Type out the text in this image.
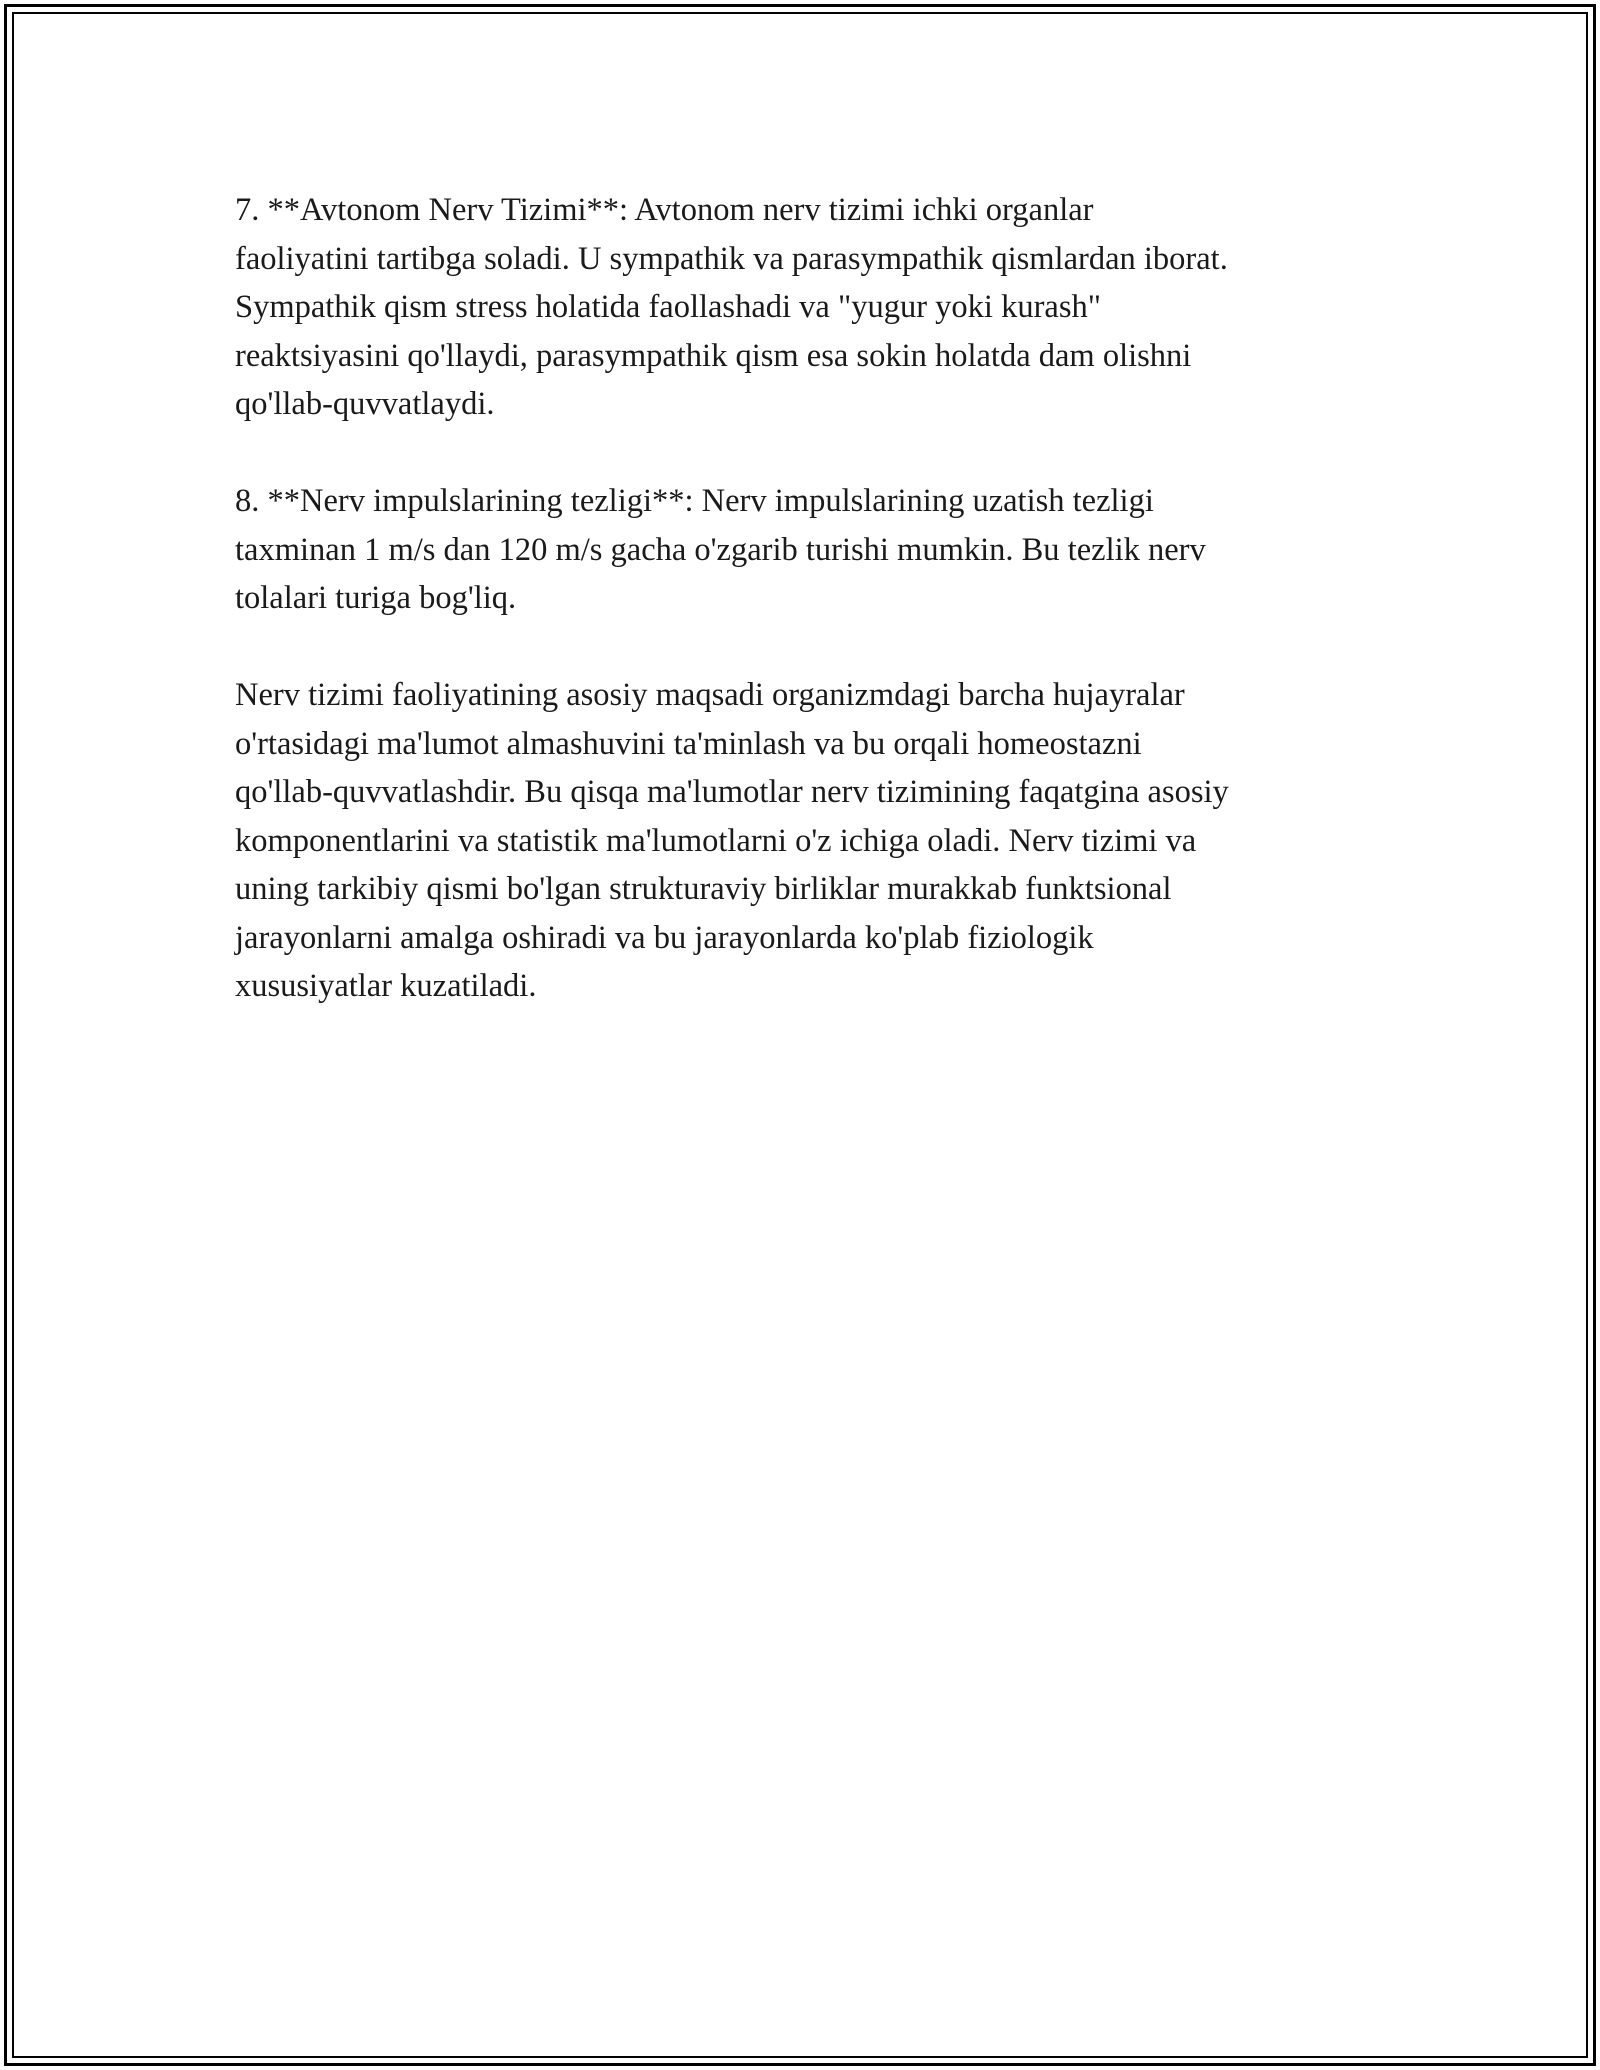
7. **Avtonom Nerv Tizimi**: Avtonom nerv tizimi ichki organlar
faoliyatini tartibga soladi. U sympathik va parasympathik qismlardan iborat.
Sympathik qism stress holatida faollashadi va "yugur yoki kurash"
reaktsiyasini qo'llaydi, parasympathik qism esa sokin holatda dam olishni
qo'llab-quvvatlaydi.

8. **Nerv impulslarining tezligi**: Nerv impulslarining uzatish tezligi
taxminan 1 m/s dan 120 m/s gacha o'zgarib turishi mumkin. Bu tezlik nerv
tolalari turiga bog'liq.

Nerv tizimi faoliyatining asosiy maqsadi organizmdagi barcha hujayralar
o'rtasidagi ma'lumot almashuvini ta'minlash va bu orqali homeostazni
qo'llab-quvvatlashdir. Bu qisqa ma'lumotlar nerv tizimining faqatgina asosiy
komponentlarini va statistik ma'lumotlarni o'z ichiga oladi. Nerv tizimi va
uning tarkibiy qismi bo'lgan strukturaviy birliklar murakkab funktsional
jarayonlarni amalga oshiradi va bu jarayonlarda ko'plab fiziologik
xususiyatlar kuzatiladi.
